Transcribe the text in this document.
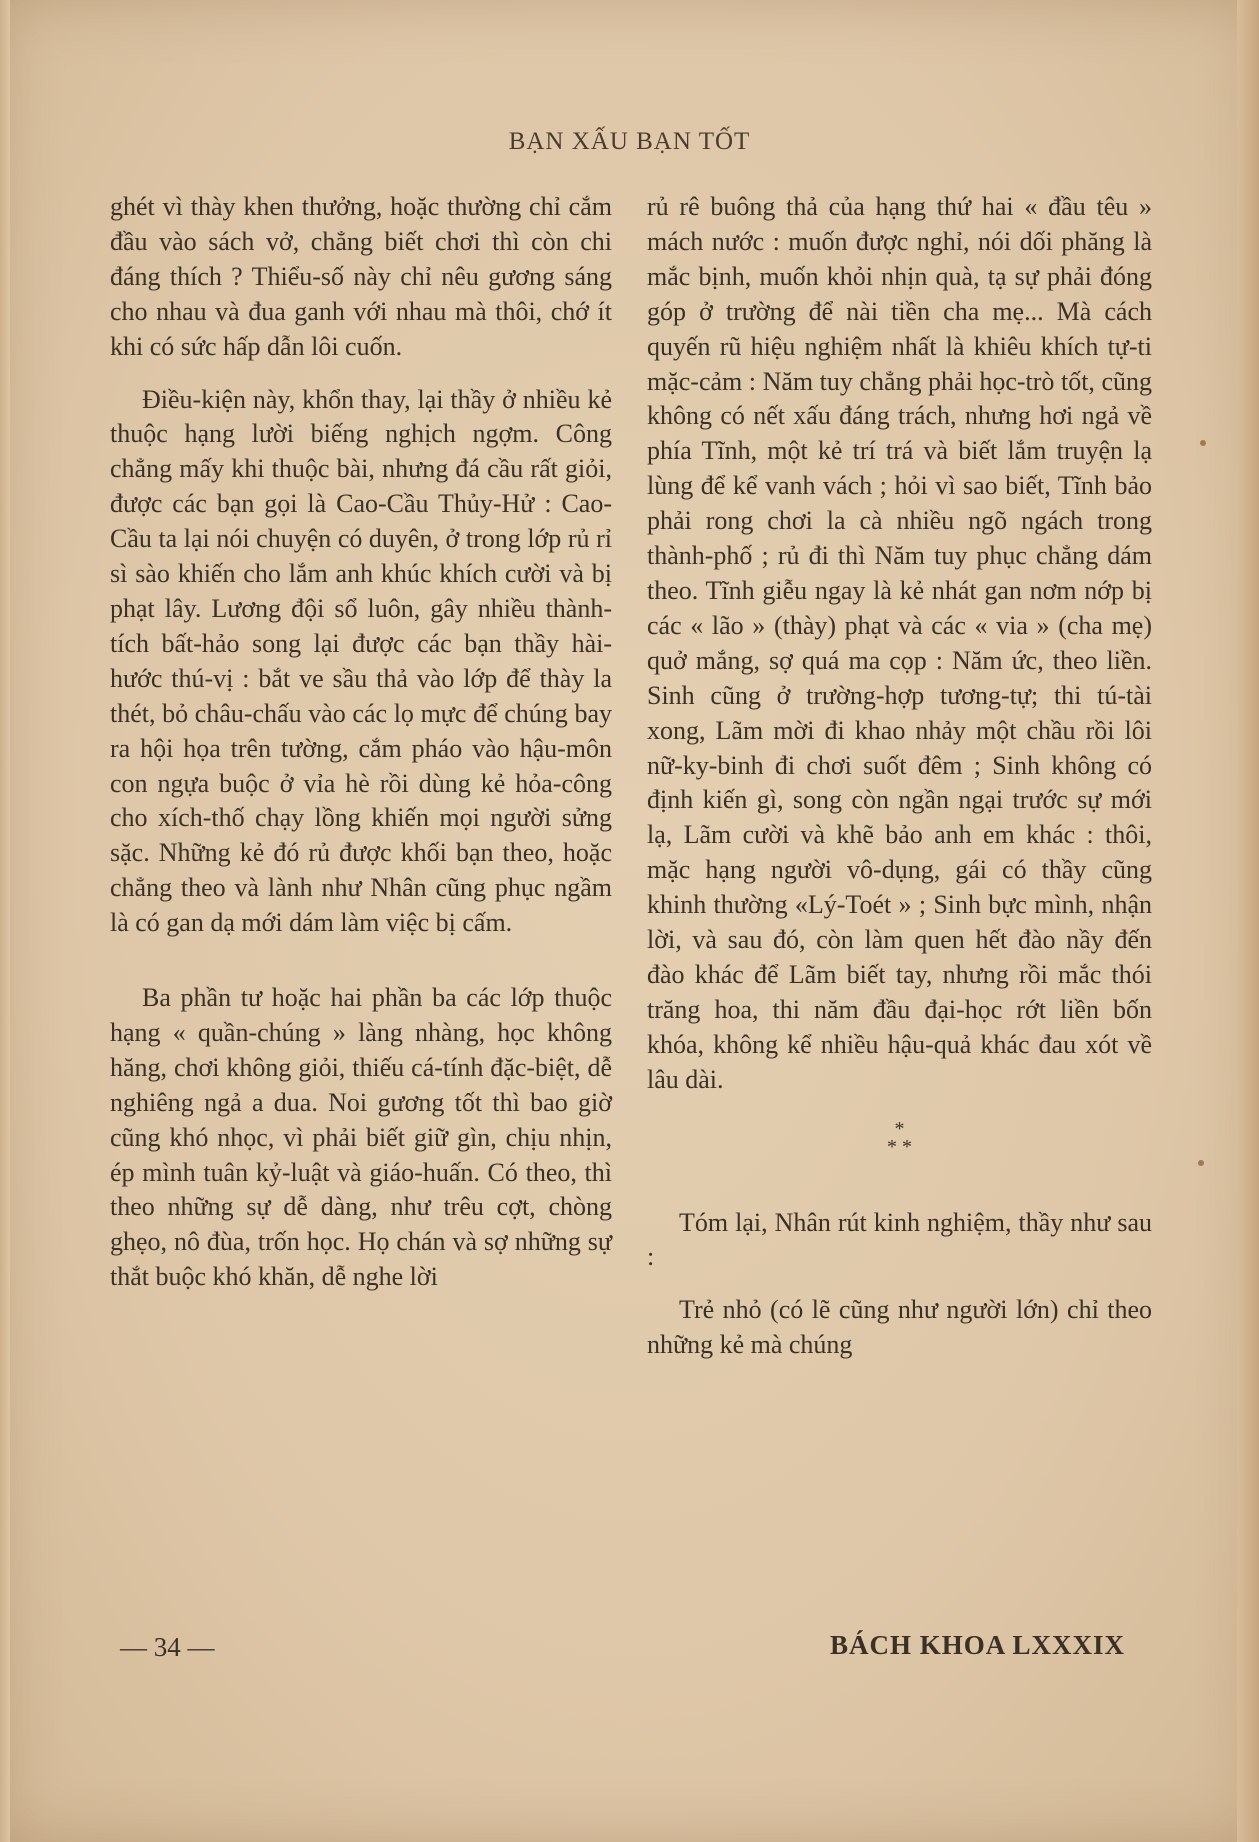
BẠN XẤU BẠN TỐT

ghét vì thày khen thưởng, hoặc thường chỉ cắm đầu vào sách vở, chẳng biết chơi thì còn chi đáng thích ? Thiểu-số này chỉ nêu gương sáng cho nhau và đua ganh với nhau mà thôi, chớ ít khi có sức hấp dẫn lôi cuốn.

Điều-kiện này, khổn thay, lại thầy ở nhiều kẻ thuộc hạng lười biếng nghịch ngợm. Công chẳng mấy khi thuộc bài, nhưng đá cầu rất giỏi, được các bạn gọi là Cao-Cầu Thủy-Hử : Cao-Cầu ta lại nói chuyện có duyên, ở trong lớp rủ rỉ sì sào khiến cho lắm anh khúc khích cười và bị phạt lây. Lương đội sổ luôn, gây nhiều thành-tích bất-hảo song lại được các bạn thầy hài-hước thú-vị : bắt ve sầu thả vào lớp để thày la thét, bỏ châu-chấu vào các lọ mực để chúng bay ra hội họa trên tường, cắm pháo vào hậu-môn con ngựa buộc ở vỉa hè rồi dùng kẻ hỏa-công cho xích-thố chạy lồng khiến mọi người sửng sặc. Những kẻ đó rủ được khối bạn theo, hoặc chẳng theo và lành như Nhân cũng phục ngầm là có gan dạ mới dám làm việc bị cấm.

Ba phần tư hoặc hai phần ba các lớp thuộc hạng « quần-chúng » làng nhàng, học không hăng, chơi không giỏi, thiếu cá-tính đặc-biệt, dễ nghiêng ngả a dua. Noi gương tốt thì bao giờ cũng khó nhọc, vì phải biết giữ gìn, chịu nhịn, ép mình tuân kỷ-luật và giáo-huấn. Có theo, thì theo những sự dễ dàng, như trêu cợt, chòng ghẹo, nô đùa, trốn học. Họ chán và sợ những sự thắt buộc khó khăn, dễ nghe lời

rủ rê buông thả của hạng thứ hai « đầu têu » mách nước : muốn được nghỉ, nói dối phăng là mắc bịnh, muốn khỏi nhịn quà, tạ sự phải đóng góp ở trường để nài tiền cha mẹ... Mà cách quyến rũ hiệu nghiệm nhất là khiêu khích tự-ti mặc-cảm : Năm tuy chẳng phải học-trò tốt, cũng không có nết xấu đáng trách, nhưng hơi ngả về phía Tĩnh, một kẻ trí trá và biết lắm truyện lạ lùng để kể vanh vách ; hỏi vì sao biết, Tĩnh bảo phải rong chơi la cà nhiều ngõ ngách trong thành-phố ; rủ đi thì Năm tuy phục chẳng dám theo. Tĩnh giễu ngay là kẻ nhát gan nơm nớp bị các « lão » (thày) phạt và các « via » (cha mẹ) quở mắng, sợ quá ma cọp : Năm ức, theo liền. Sinh cũng ở trường-hợp tương-tự; thi tú-tài xong, Lãm mời đi khao nhảy một chầu rồi lôi nữ-ky-binh đi chơi suốt đêm ; Sinh không có định kiến gì, song còn ngần ngại trước sự mới lạ, Lãm cười và khẽ bảo anh em khác : thôi, mặc hạng người vô-dụng, gái có thầy cũng khinh thường «Lý-Toét » ; Sinh bực mình, nhận lời, và sau đó, còn làm quen hết đào nầy đến đào khác để Lãm biết tay, nhưng rồi mắc thói trăng hoa, thi năm đầu đại-học rớt liền bốn khóa, không kể nhiều hậu-quả khác đau xót về lâu dài.

*
* *

Tóm lại, Nhân rút kinh nghiệm, thầy như sau :

Trẻ nhỏ (có lẽ cũng như người lớn) chỉ theo những kẻ mà chúng

— 34 —	BÁCH KHOA LXXXIX
